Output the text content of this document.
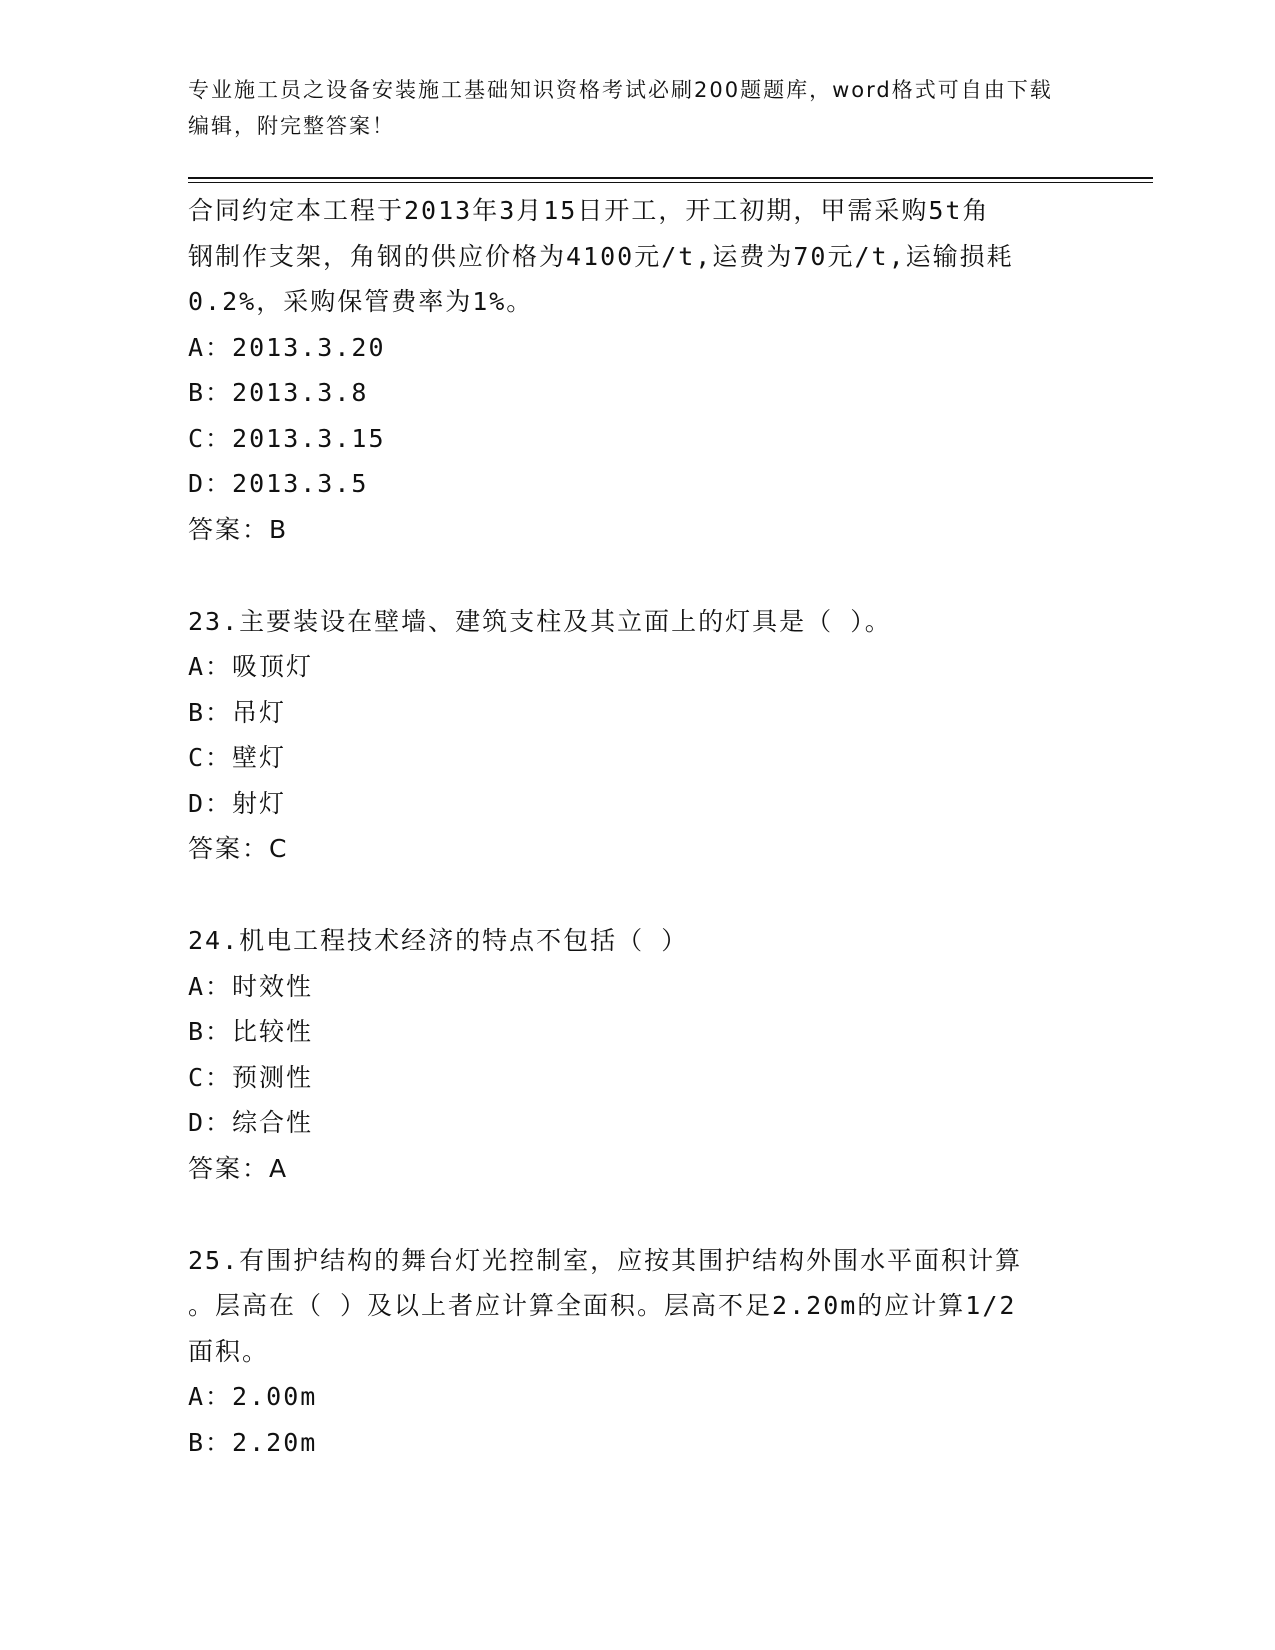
专业施工员之设备安装施工基础知识资格考试必刷200题题库，word格式可自由下载编辑，附完整答案！
合同约定本工程于2013年3月15日开工，开工初期，甲需采购5t角
钢制作支架，角钢的供应价格为4100元/t,运费为70元/t,运输损耗
0.2%，采购保管费率为1%。
A：2013.3.20
B：2013.3.8
C：2013.3.15
D：2013.3.5
答案：B
23.主要装设在壁墙、建筑支柱及其立面上的灯具是（ ）。
A：吸顶灯
B：吊灯
C：壁灯
D：射灯
答案：C
24.机电工程技术经济的特点不包括（ ）
A：时效性
B：比较性
C：预测性
D：综合性
答案：A
25.有围护结构的舞台灯光控制室，应按其围护结构外围水平面积计算
。层高在（ ）及以上者应计算全面积。层高不足2.20m的应计算1/2
面积。
A：2.00m
B：2.20m
